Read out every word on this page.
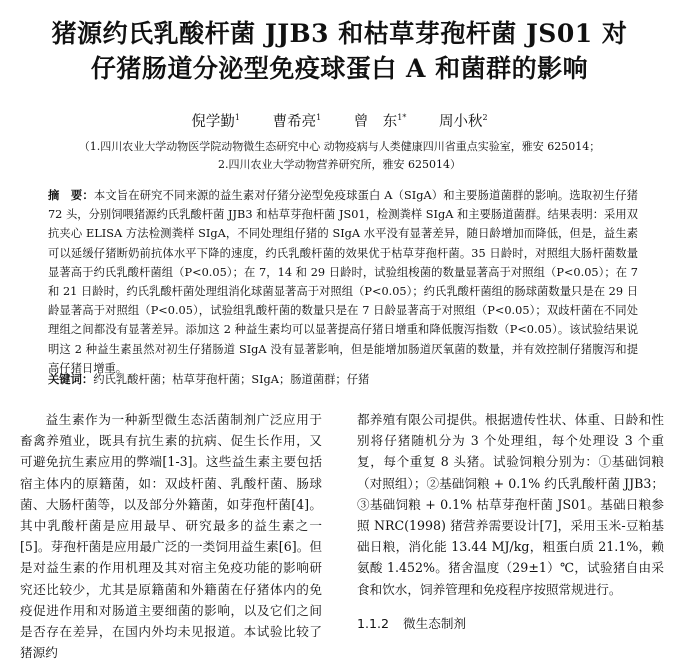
猪源约氏乳酸杆菌 JJB3 和枯草芽孢杆菌 JS01 对
仔猪肠道分泌型免疫球蛋白 A 和菌群的影响
倪学勤$^1$ 曹希亮$^1$ 曾　东$^{1*}$ 周小秋$^2$
（1.四川农业大学动物医学院动物微生态研究中心 动物疫病与人类健康四川省重点实验室，雅安 625014；
2.四川农业大学动物营养研究所，雅安 625014）
摘　要：本文旨在研究不同来源的益生素对仔猪分泌型免疫球蛋白 A（SIgA）和主要肠道菌群的影响。选取初生仔猪 72 头，分别饲喂猪源约氏乳酸杆菌 JJB3 和枯草芽孢杆菌 JS01，检测粪样 SIgA 和主要肠道菌群。结果表明：采用双抗夹心 ELISA 方法检测粪样 SIgA，不同处理组仔猪的 SIgA 水平没有显著差异，随日龄增加而降低，但是，益生素可以延缓仔猪断奶前抗体水平下降的速度，约氏乳酸杆菌的效果优于枯草芽孢杆菌。35 日龄时，对照组大肠杆菌数量显著高于约氏乳酸杆菌组（P<0.05）；在 7，14 和 29 日龄时，试验组梭菌的数量显著高于对照组（P<0.05）；在 7 和 21 日龄时，约氏乳酸杆菌处理组消化球菌显著高于对照组（P<0.05）；约氏乳酸杆菌组的肠球菌数量只是在 29 日龄显著高于对照组（P<0.05），试验组乳酸杆菌的数量只是在 7 日龄显著高于对照组（P<0.05）；双歧杆菌在不同处理组之间都没有显著差异。添加这 2 种益生素均可以显著提高仔猪日增重和降低腹泻指数（P<0.05）。该试验结果说明这 2 种益生素虽然对初生仔猪肠道 SIgA 没有显著影响，但是能增加肠道厌氧菌的数量，并有效控制仔猪腹泻和提高仔猪日增重。
关键词：约氏乳酸杆菌；枯草芽孢杆菌；SIgA；肠道菌群；仔猪
益生素作为一种新型微生态活菌制剂广泛应用于畜禽养殖业，既具有抗生素的抗病、促生长作用，又可避免抗生素应用的弊端[1-3]。这些益生素主要包括宿主体内的原籍菌，如：双歧杆菌、乳酸杆菌、肠球菌、大肠杆菌等，以及部分外籍菌，如芽孢杆菌[4]。其中乳酸杆菌是应用最早、研究最多的益生素之一[5]。芽孢杆菌是应用最广泛的一类饲用益生素[6]。但是对益生素的作用机理及其对宿主免疫功能的影响研究还比较少，尤其是原籍菌和外籍菌在仔猪体内的免疫促进作用和对肠道主要细菌的影响，以及它们之间是否存在差异，在国内外均未见报道。本试验比较了猪源约
都养殖有限公司提供。根据遗传性状、体重、日龄和性别将仔猪随机分为 3 个处理组，每个处理设 3 个重复，每个重复 8 头猪。试验饲粮分别为：①基础饲粮（对照组）；②基础饲粮 + 0.1% 约氏乳酸杆菌 JJB3；③基础饲粮 + 0.1% 枯草芽孢杆菌 JS01。基础日粮参照 NRC(1998) 猪营养需要设计[7]，采用玉米-豆粕基础日粮，消化能 13.44 MJ/kg，粗蛋白质 21.1%，赖氨酸 1.452%。猪舍温度（29±1）℃，试验猪自由采食和饮水，饲养管理和免疫程序按照常规进行。
1.1.2 微生态制剂
